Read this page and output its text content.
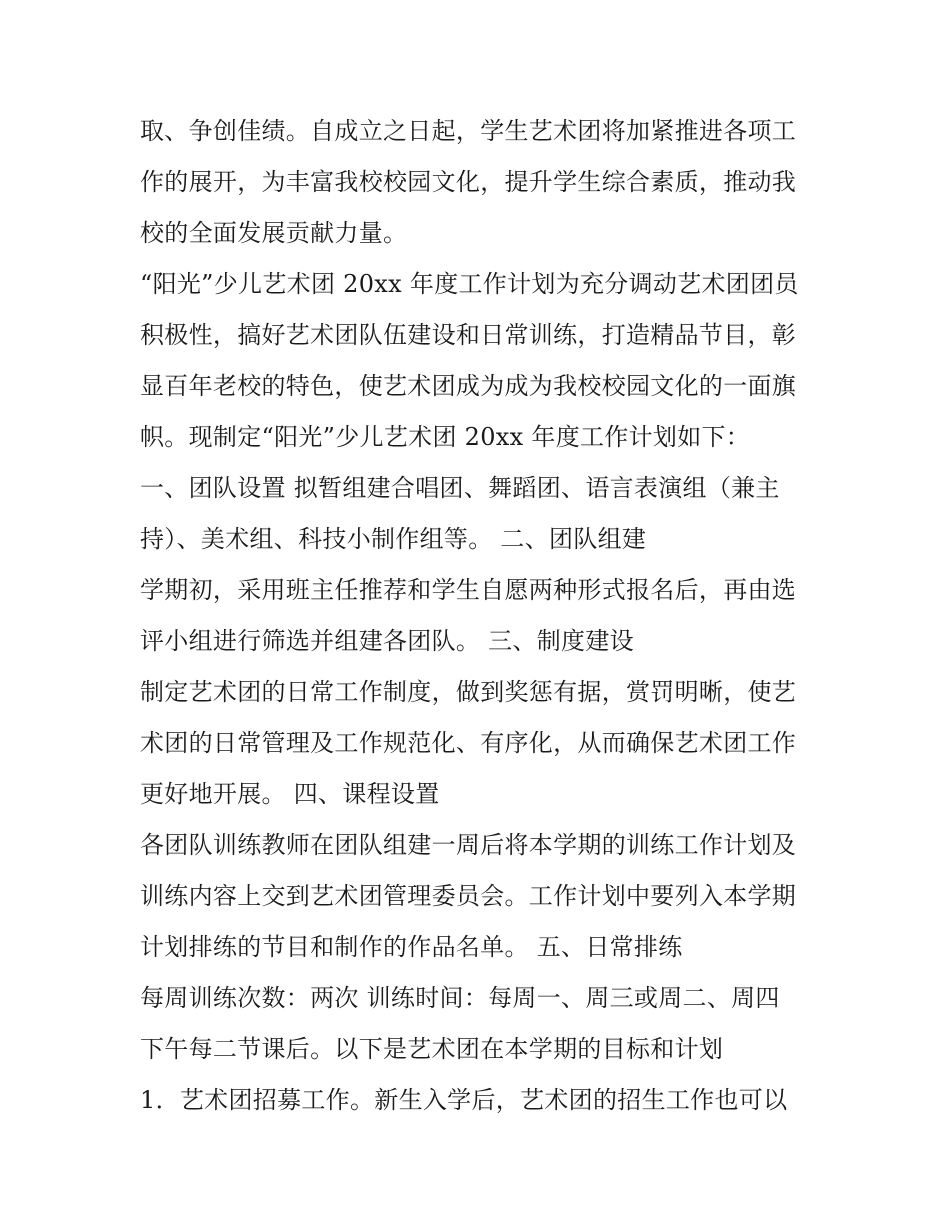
取、争创佳绩。自成立之日起，学生艺术团将加紧推进各项工
作的展开，为丰富我校校园文化，提升学生综合素质，推动我
校的全面发展贡献力量。
“阳光”少儿艺术团 20xx 年度工作计划为充分调动艺术团团员
积极性，搞好艺术团队伍建设和日常训练，打造精品节目，彰
显百年老校的特色，使艺术团成为成为我校校园文化的一面旗
帜。现制定“阳光”少儿艺术团 20xx 年度工作计划如下：
一、团队设置 拟暂组建合唱团、舞蹈团、语言表演组（兼主
持）、美术组、科技小制作组等。 二、团队组建
学期初，采用班主任推荐和学生自愿两种形式报名后，再由选
评小组进行筛选并组建各团队。 三、制度建设
制定艺术团的日常工作制度，做到奖惩有据，赏罚明晰，使艺
术团的日常管理及工作规范化、有序化，从而确保艺术团工作
更好地开展。 四、课程设置
各团队训练教师在团队组建一周后将本学期的训练工作计划及
训练内容上交到艺术团管理委员会。工作计划中要列入本学期
计划排练的节目和制作的作品名单。 五、日常排练
每周训练次数：两次 训练时间：每周一、周三或周二、周四
下午每二节课后。以下是艺术团在本学期的目标和计划
1．艺术团招募工作。新生入学后，艺术团的招生工作也可以
